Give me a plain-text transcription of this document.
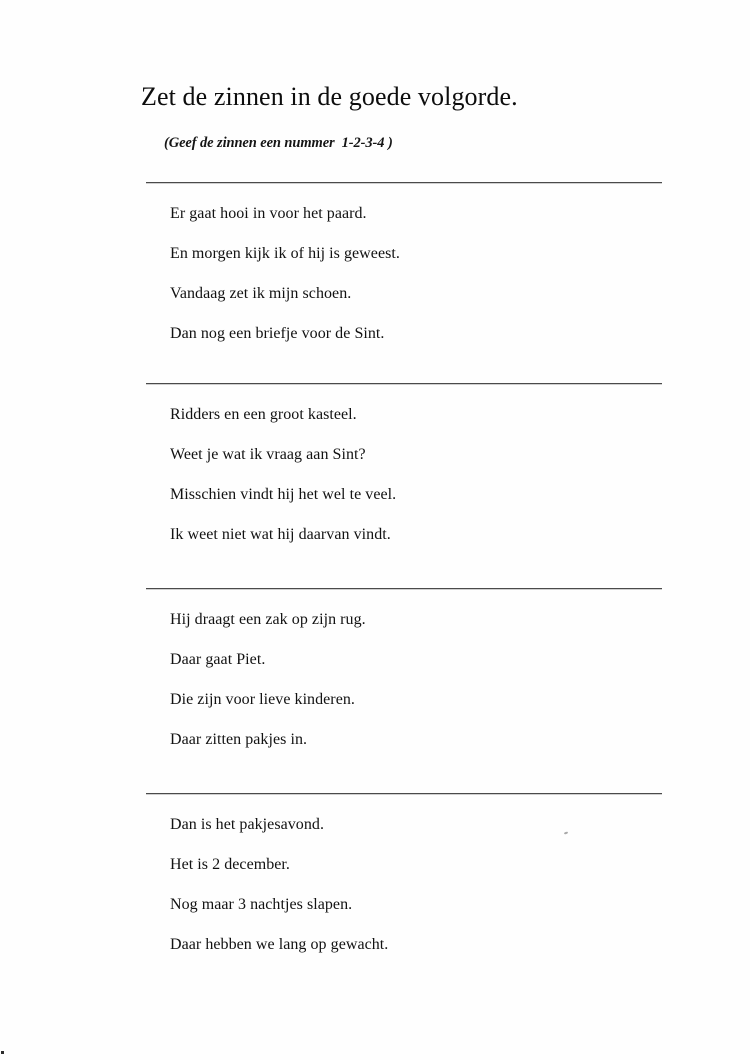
Zet de zinnen in de goede volgorde.
(Geef de zinnen een nummer  1-2-3-4 )
Er gaat hooi in voor het paard.
En morgen kijk ik of hij is geweest.
Vandaag zet ik mijn schoen.
Dan nog een briefje voor de Sint.
Ridders en een groot kasteel.
Weet je wat ik vraag aan Sint?
Misschien vindt hij het wel te veel.
Ik weet niet wat hij daarvan vindt.
Hij draagt een zak op zijn rug.
Daar gaat Piet.
Die zijn voor lieve kinderen.
Daar zitten pakjes in.
Dan is het pakjesavond.
Het is 2 december.
Nog maar 3 nachtjes slapen.
Daar hebben we lang op gewacht.
